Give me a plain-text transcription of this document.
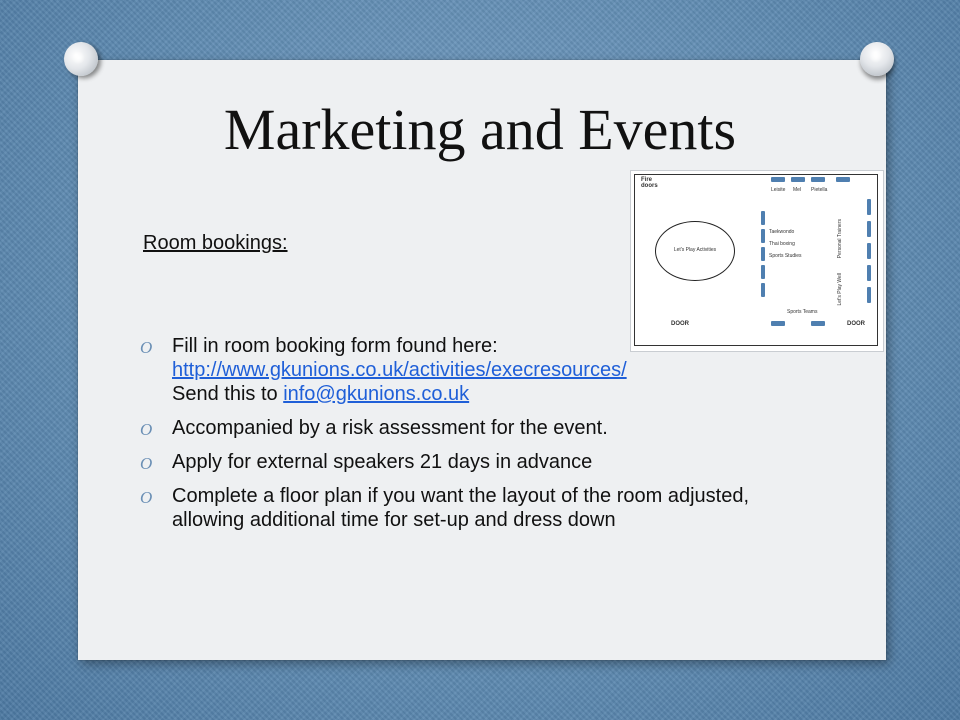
Marketing and Events
Room bookings:
O Fill in room booking form found here:
http://www.gkunions.co.uk/activities/execresources/
Send this to info@gkunions.co.uk
O Accompanied by a risk assessment for the event.
O Apply for external speakers 21 days in advance
O Complete a floor plan if you want the layout of the room adjusted, allowing additional time for set-up and dress down
Fire doors
Leisite Mel Pietella
Let's Play Activities
Taekwondo
Thai boxing
Sports Studies	Personal Trainers
Let's Play Well
Sports Teams
DOOR	DOOR
